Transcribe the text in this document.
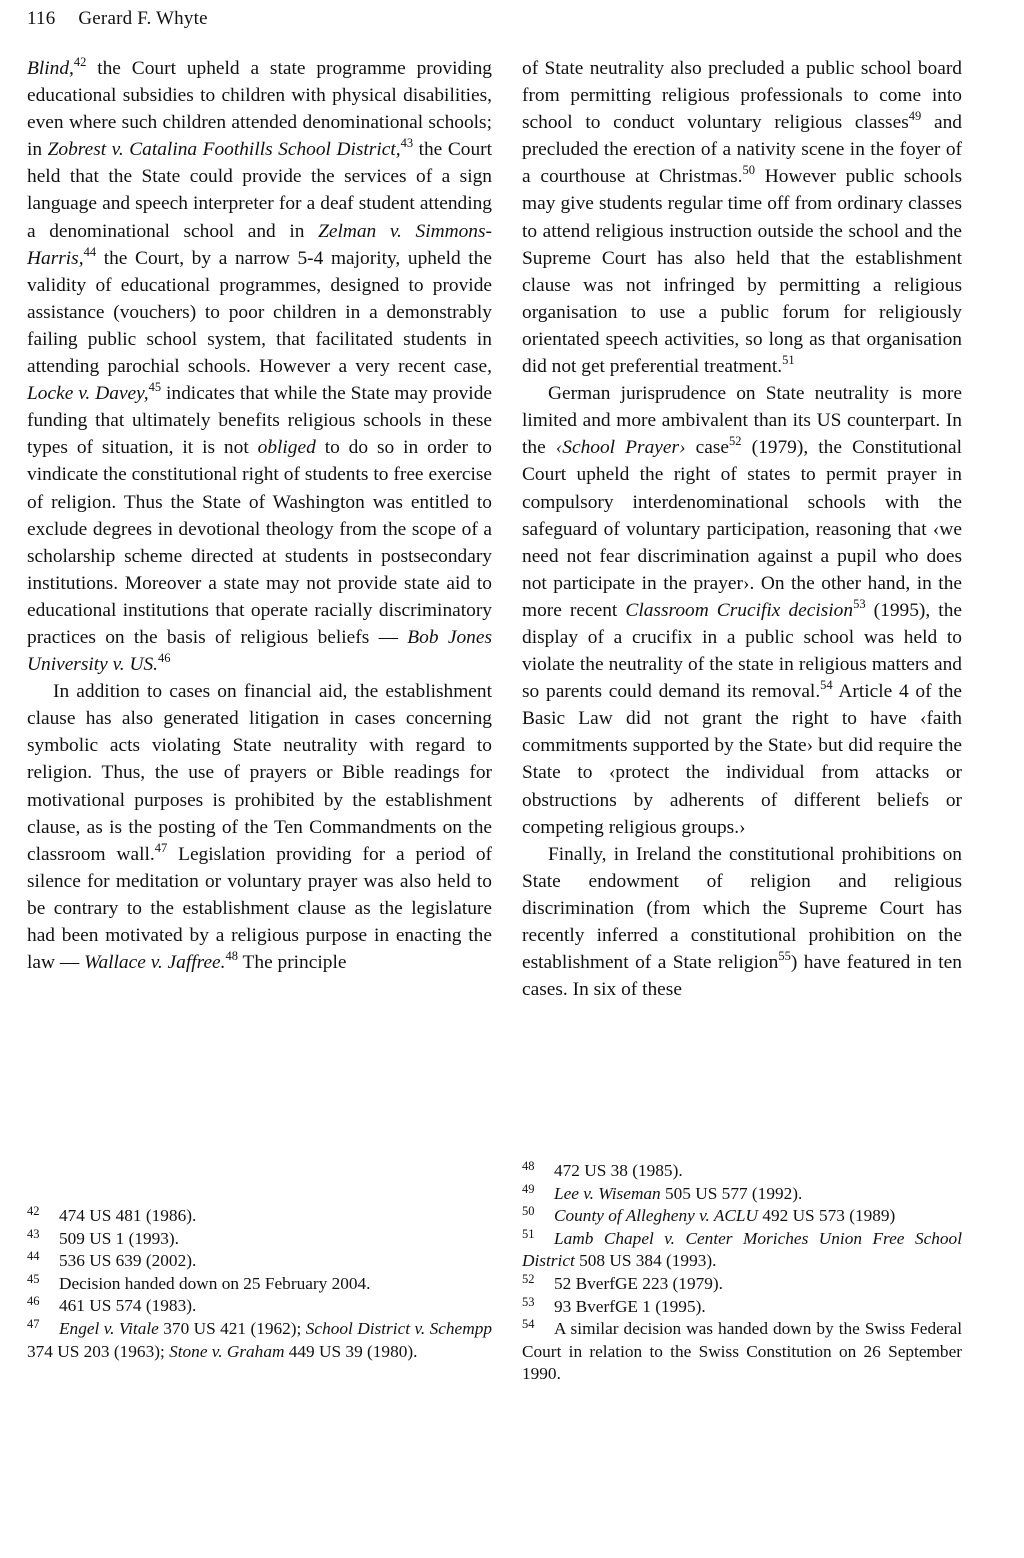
116 Gerard F. Whyte

Blind,$^{42}$ the Court upheld a state programme providing educational subsidies to children with physical disabilities, even where such children attended denominational schools; in Zobrest v. Catalina Foothills School District,$^{43}$ the Court held that the State could provide the services of a sign language and speech interpreter for a deaf student attending a denominational school and in Zelman v. Simmons-Harris,$^{44}$ the Court, by a narrow 5-4 majority, upheld the validity of educational programmes, designed to provide assistance (vouchers) to poor children in a demonstrably failing public school system, that facilitated students in attending parochial schools. However a very recent case, Locke v. Davey,$^{45}$ indicates that while the State may provide funding that ultimately benefits religious schools in these types of situation, it is not obliged to do so in order to vindicate the constitutional right of students to free exercise of religion. Thus the State of Washington was entitled to exclude degrees in devotional theology from the scope of a scholarship scheme directed at students in postsecondary institutions. Moreover a state may not provide state aid to educational institutions that operate racially discriminatory practices on the basis of religious beliefs — Bob Jones University v. US.$^{46}$

In addition to cases on financial aid, the establishment clause has also generated litigation in cases concerning symbolic acts violating State neutrality with regard to religion. Thus, the use of prayers or Bible readings for motivational purposes is prohibited by the establishment clause, as is the posting of the Ten Commandments on the classroom wall.$^{47}$ Legislation providing for a period of silence for meditation or voluntary prayer was also held to be contrary to the establishment clause as the legislature had been motivated by a religious purpose in enacting the law — Wallace v. Jaffree.$^{48}$ The principle

of State neutrality also precluded a public school board from permitting religious professionals to come into school to conduct voluntary religious classes$^{49}$ and precluded the erection of a nativity scene in the foyer of a courthouse at Christmas.$^{50}$ However public schools may give students regular time off from ordinary classes to attend religious instruction outside the school and the Supreme Court has also held that the establishment clause was not infringed by permitting a religious organisation to use a public forum for religiously orientated speech activities, so long as that organisation did not get preferential treatment.$^{51}$

German jurisprudence on State neutrality is more limited and more ambivalent than its US counterpart. In the ‹School Prayer› case$^{52}$ (1979), the Constitutional Court upheld the right of states to permit prayer in compulsory interdenominational schools with the safeguard of voluntary participation, reasoning that ‹we need not fear discrimination against a pupil who does not participate in the prayer›. On the other hand, in the more recent Classroom Crucifix decision$^{53}$ (1995), the display of a crucifix in a public school was held to violate the neutrality of the state in religious matters and so parents could demand its removal.$^{54}$ Article 4 of the Basic Law did not grant the right to have ‹faith commitments supported by the State› but did require the State to ‹protect the individual from attacks or obstructions by adherents of different beliefs or competing religious groups.›

Finally, in Ireland the constitutional prohibitions on State endowment of religion and religious discrimination (from which the Supreme Court has recently inferred a constitutional prohibition on the establishment of a State religion$^{55}$) have featured in ten cases. In six of these

42 474 US 481 (1986).

43 509 US 1 (1993).

44 536 US 639 (2002).

45 Decision handed down on 25 February 2004.

46 461 US 574 (1983).

47 Engel v. Vitale 370 US 421 (1962); School District v. Schempp 374 US 203 (1963); Stone v. Graham 449 US 39 (1980).

48 472 US 38 (1985).

49 Lee v. Wiseman 505 US 577 (1992).

50 County of Allegheny v. ACLU 492 US 573 (1989)

51 Lamb Chapel v. Center Moriches Union Free School District 508 US 384 (1993).

52 52 BverfGE 223 (1979).

53 93 BverfGE 1 (1995).

54 A similar decision was handed down by the Swiss Federal Court in relation to the Swiss Constitution on 26 September 1990.
